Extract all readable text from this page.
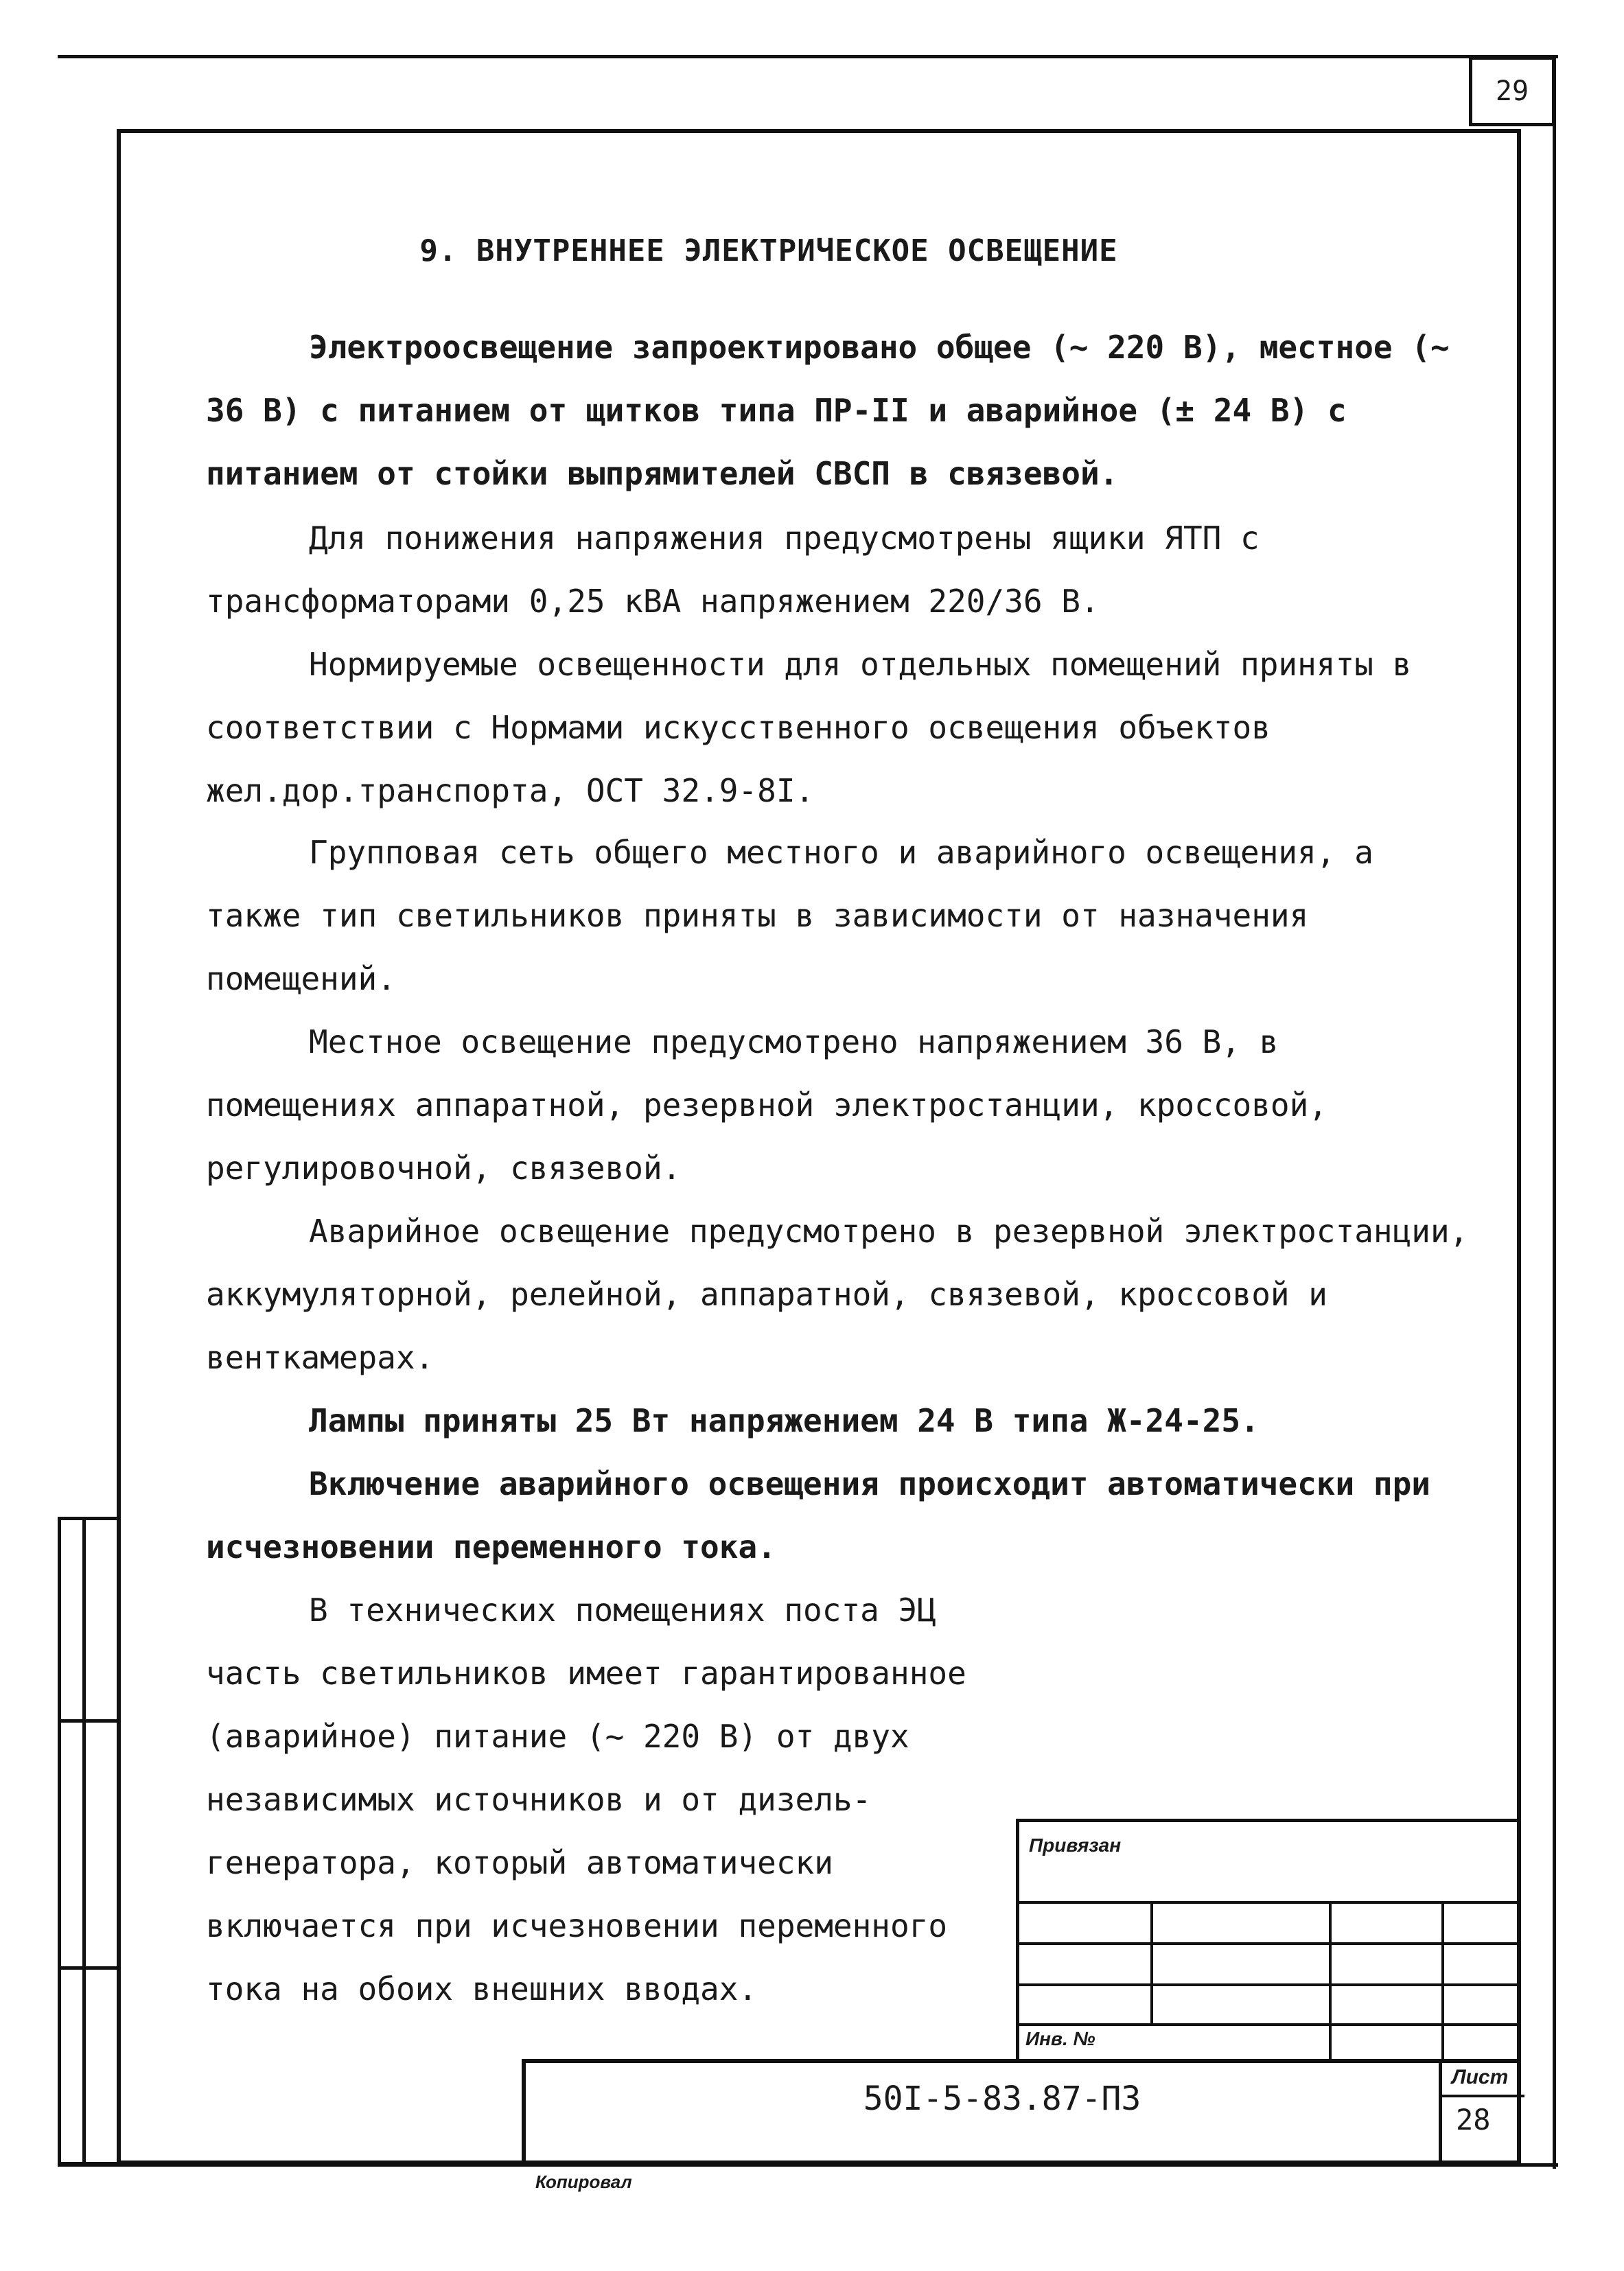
29
9. ВНУТРЕННЕЕ ЭЛЕКТРИЧЕСКОЕ ОСВЕЩЕНИЕ
Электроосвещение запроектировано общее (~ 220 В), местное (~ 36 В) с питанием от щитков типа ПР-II и аварийное (± 24 В) с питанием от стойки выпрямителей СВСП в связевой.
Для понижения напряжения предусмотрены ящики ЯТП с трансформаторами 0,25 кВА напряжением 220/36 В.
Нормируемые освещенности для отдельных помещений приняты в соответствии с Нормами искусственного освещения объектов жел.дор.транспорта, ОСТ 32.9-8I.
Групповая сеть общего местного и аварийного освещения, а также тип светильников приняты в зависимости от назначения помещений.
Местное освещение предусмотрено напряжением 36 В, в помещениях аппаратной, резервной электростанции, кроссовой, регулировочной, связевой.
Аварийное освещение предусмотрено в резервной электростанции, аккумуляторной, релейной, аппаратной, связевой, кроссовой и венткамерах.
Лампы приняты 25 Вт напряжением 24 В типа Ж-24-25.
Включение аварийного освещения происходит автоматически при исчезновении переменного тока.
В технических помещениях поста ЭЦ часть светильников имеет гарантированное (аварийное) питание (~ 220 В) от двух независимых источников и от дизель-генератора, который автоматически включается при исчезновении переменного тока на обоих внешних вводах.
Привязан
Инв. №
50I-5-83.87-ПЗ
Лист
28
Копировал
